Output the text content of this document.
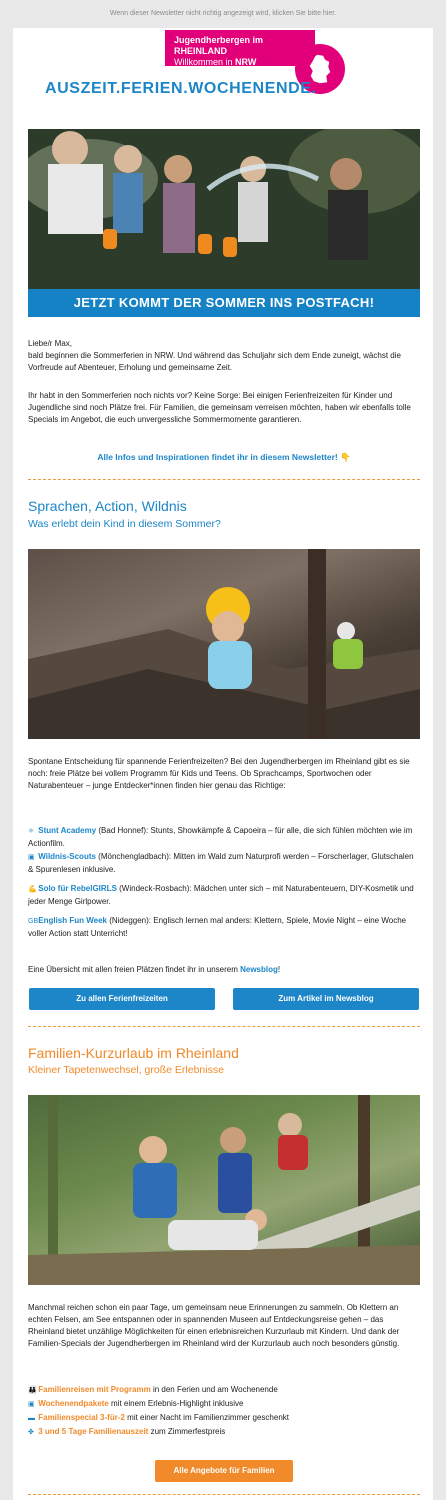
Wenn dieser Newsletter nicht richtig angezeigt wird, klicken Sie bitte hier.
Jugendherbergen im RHEINLAND
Willkommen in NRW
AUSZEIT.FERIEN.WOCHENENDE.
JETZT KOMMT DER SOMMER INS POSTFACH!
Liebe/r Max,
bald beginnen die Sommerferien in NRW. Und während das Schuljahr sich dem Ende zuneigt, wächst die Vorfreude auf Abenteuer, Erholung und gemeinsame Zeit.
Ihr habt in den Sommerferien noch nichts vor? Keine Sorge: Bei einigen Ferienfreizeiten für Kinder und Jugendliche sind noch Plätze frei. Für Familien, die gemeinsam verreisen möchten, haben wir ebenfalls tolle Specials im Angebot, die euch unvergessliche Sommermomente garantieren.
Alle Infos und Inspirationen findet ihr in diesem Newsletter! 👇
Sprachen, Action, Wildnis
Was erlebt dein Kind in diesem Sommer?
Spontane Entscheidung für spannende Ferienfreizeiten? Bei den Jugendherbergen im Rheinland gibt es sie noch: freie Plätze bei vollem Programm für Kids und Teens. Ob Sprachcamps, Sportwochen oder Naturabenteuer – junge Entdecker*innen finden hier genau das Richtige:
⚛ Stunt Academy (Bad Honnef): Stunts, Showkämpfe & Capoeira – für alle, die sich fühlen möchten wie im Actionfilm.
▣ Wildnis-Scouts (Mönchengladbach): Mitten im Wald zum Naturprofi werden – Forscherlager, Glutschalen & Spurenlesen inklusive.
💪 Solo für RebelGIRLS (Windeck-Rosbach): Mädchen unter sich – mit Naturabenteuern, DIY-Kosmetik und jeder Menge Girlpower.
GB English Fun Week (Nideggen): Englisch lernen mal anders: Klettern, Spiele, Movie Night – eine Woche voller Action statt Unterricht!
Eine Übersicht mit allen freien Plätzen findet ihr in unserem Newsblog!
Zu allen Ferienfreizeiten	Zum Artikel im Newsblog
Familien-Kurzurlaub im Rheinland
Kleiner Tapetenwechsel, große Erlebnisse
Manchmal reichen schon ein paar Tage, um gemeinsam neue Erinnerungen zu sammeln. Ob Klettern an echten Felsen, am See entspannen oder in spannenden Museen auf Entdeckungsreise gehen – das Rheinland bietet unzählige Möglichkeiten für einen erlebnisreichen Kurzurlaub mit Kindern. Und dank der Familien-Specials der Jugendherbergen im Rheinland wird der Kurzurlaub auch noch besonders günstig.
👪 Familienreisen mit Programm in den Ferien und am Wochenende
▣ Wochenendpakete mit einem Erlebnis-Highlight inklusive
▬ Familienspecial 3-für-2 mit einer Nacht im Familienzimmer geschenkt
✤ 3 und 5 Tage Familienauszeit zum Zimmerfestpreis
Alle Angebote für Familien
